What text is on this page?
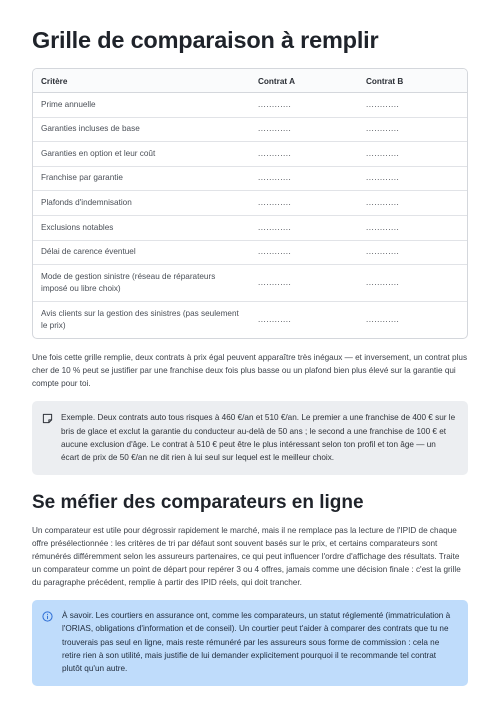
Grille de comparaison à remplir
Critère	Contrat A	Contrat B
Prime annuelle	............	............
Garanties incluses de base	............	............
Garanties en option et leur coût	............	............
Franchise par garantie	............	............
Plafonds d'indemnisation	............	............
Exclusions notables	............	............
Délai de carence éventuel	............	............
Mode de gestion sinistre (réseau de réparateurs imposé ou libre choix)	............	............
Avis clients sur la gestion des sinistres (pas seulement le prix)	............	............

Une fois cette grille remplie, deux contrats à prix égal peuvent apparaître très inégaux — et inversement, un contrat plus cher de 10 % peut se justifier par une franchise deux fois plus basse ou un plafond bien plus élevé sur la garantie qui compte pour toi.

Exemple. Deux contrats auto tous risques à 460 €/an et 510 €/an. Le premier a une franchise de 400 € sur le bris de glace et exclut la garantie du conducteur au-delà de 50 ans ; le second a une franchise de 100 € et aucune exclusion d'âge. Le contrat à 510 € peut être le plus intéressant selon ton profil et ton âge — un écart de prix de 50 €/an ne dit rien à lui seul sur lequel est le meilleur choix.
Se méfier des comparateurs en ligne

Un comparateur est utile pour dégrossir rapidement le marché, mais il ne remplace pas la lecture de l'IPID de chaque offre présélectionnée : les critères de tri par défaut sont souvent basés sur le prix, et certains comparateurs sont rémunérés différemment selon les assureurs partenaires, ce qui peut influencer l'ordre d'affichage des résultats. Traite un comparateur comme un point de départ pour repérer 3 ou 4 offres, jamais comme une décision finale : c'est la grille du paragraphe précédent, remplie à partir des IPID réels, qui doit trancher.

À savoir. Les courtiers en assurance ont, comme les comparateurs, un statut réglementé (immatriculation à l'ORIAS, obligations d'information et de conseil). Un courtier peut t'aider à comparer des contrats que tu ne trouverais pas seul en ligne, mais reste rémunéré par les assureurs sous forme de commission : cela ne retire rien à son utilité, mais justifie de lui demander explicitement pourquoi il te recommande tel contrat plutôt qu'un autre.
